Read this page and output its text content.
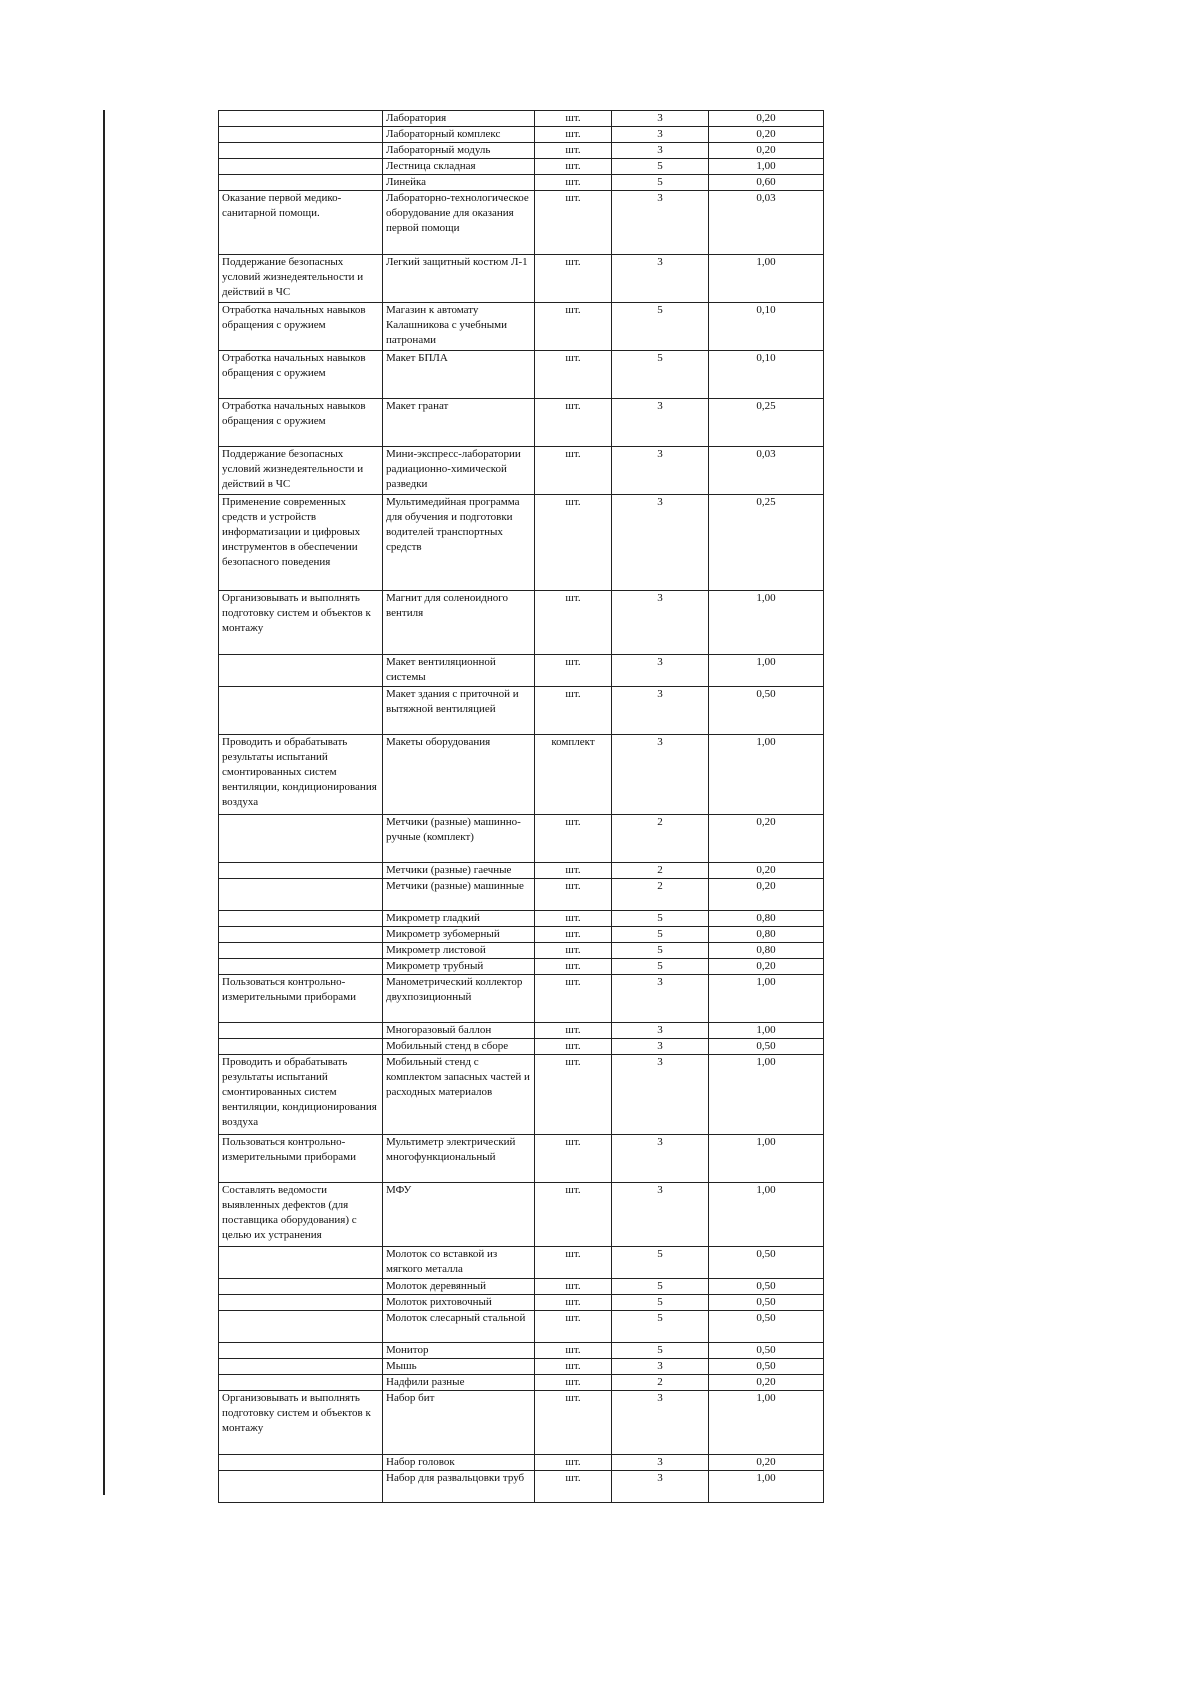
	Лаборатория	шт.	3	0,20
	Лабораторный комплекс	шт.	3	0,20
	Лабораторный модуль	шт.	3	0,20
	Лестница складная	шт.	5	1,00
	Линейка	шт.	5	0,60
Оказание первой медико-санитарной помощи.	Лабораторно-технологическое оборудование для оказания первой помощи	шт.	3	0,03
Поддержание безопасных условий жизнедеятельности и действий в ЧС	Легкий защитный костюм Л-1	шт.	3	1,00
Отработка начальных навыков обращения с оружием	Магазин к автомату Калашникова с учебными патронами	шт.	5	0,10
Отработка начальных навыков обращения с оружием	Макет БПЛА	шт.	5	0,10
Отработка начальных навыков обращения с оружием	Макет гранат	шт.	3	0,25
Поддержание безопасных условий жизнедеятельности и действий в ЧС	Мини-экспресс-лаборатории радиационно-химической разведки	шт.	3	0,03
Применение современных средств и устройств информатизации и цифровых инструментов в обеспечении безопасного поведения	Мультимедийная программа для обучения и подготовки водителей транспортных средств	шт.	3	0,25
Организовывать и выполнять подготовку систем и объектов к монтажу	Магнит для соленоидного вентиля	шт.	3	1,00
	Макет вентиляционной системы	шт.	3	1,00
	Макет здания с приточной и вытяжной вентиляцией	шт.	3	0,50
Проводить и обрабатывать результаты испытаний смонтированных систем вентиляции, кондиционирования воздуха	Макеты оборудования	комплект	3	1,00
	Метчики (разные) машинно-ручные (комплект)	шт.	2	0,20
	Метчики (разные) гаечные	шт.	2	0,20
	Метчики (разные) машинные	шт.	2	0,20
	Микрометр гладкий	шт.	5	0,80
	Микрометр зубомерный	шт.	5	0,80
	Микрометр листовой	шт.	5	0,80
	Микрометр трубный	шт.	5	0,20
Пользоваться контрольно-измерительными приборами	Манометрический коллектор двухпозиционный	шт.	3	1,00
	Многоразовый баллон	шт.	3	1,00
	Мобильный стенд в сборе	шт.	3	0,50
Проводить и обрабатывать результаты испытаний смонтированных систем вентиляции, кондиционирования воздуха	Мобильный стенд с комплектом запасных частей и расходных материалов	шт.	3	1,00
Пользоваться контрольно-измерительными приборами	Мультиметр электрический многофункциональный	шт.	3	1,00
Составлять ведомости выявленных дефектов (для поставщика оборудования) с целью их устранения	МФУ	шт.	3	1,00
	Молоток со вставкой из мягкого металла	шт.	5	0,50
	Молоток деревянный	шт.	5	0,50
	Молоток рихтовочный	шт.	5	0,50
	Молоток слесарный стальной	шт.	5	0,50
	Монитор	шт.	5	0,50
	Мышь	шт.	3	0,50
	Надфили разные	шт.	2	0,20
Организовывать и выполнять подготовку систем и объектов к монтажу	Набор бит	шт.	3	1,00
	Набор головок	шт.	3	0,20
	Набор для развальцовки труб	шт.	3	1,00
